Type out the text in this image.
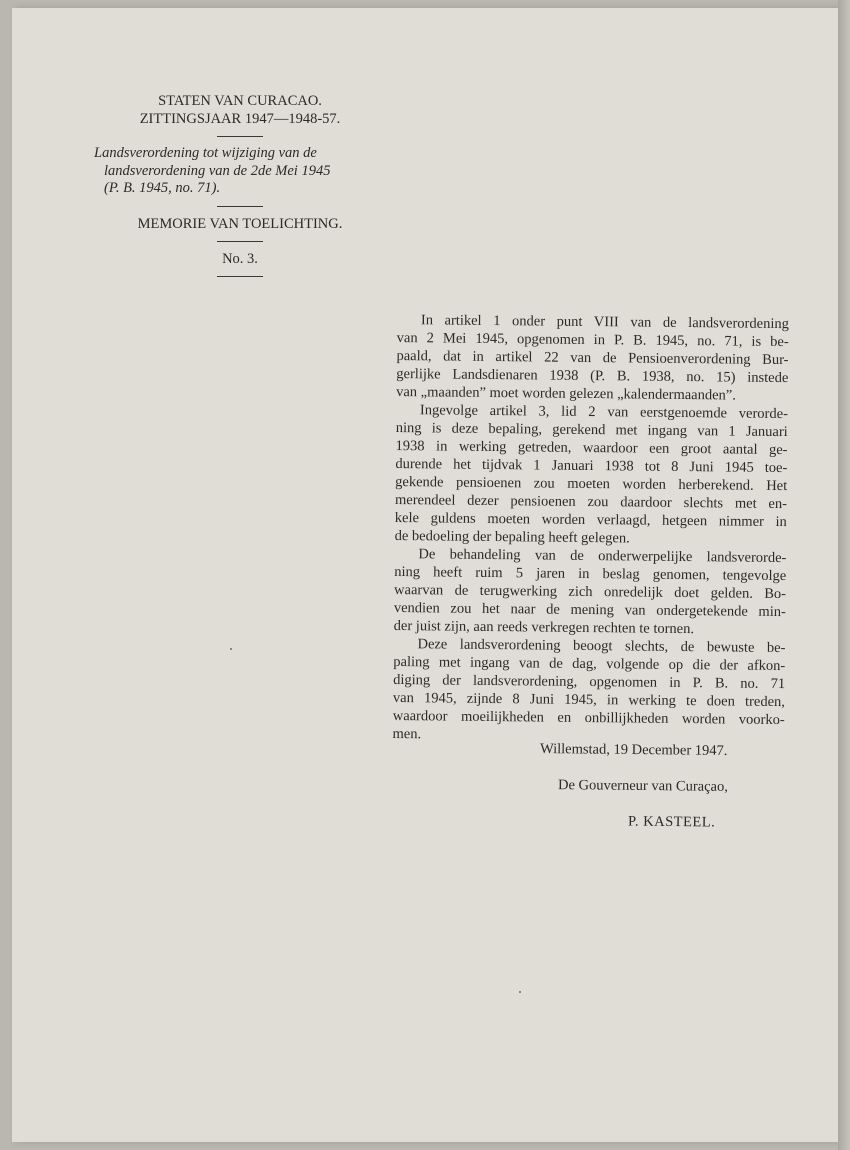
STATEN VAN CURACAO.
ZITTINGSJAAR 1947—1948-57.
Landsverordening tot wijziging van de
landsverordening van de 2de Mei 1945
(P. B. 1945, no. 71).
MEMORIE VAN TOELICHTING.
No. 3.

In artikel 1 onder punt VIII van de landsverordening
van 2 Mei 1945, opgenomen in P. B. 1945, no. 71, is be-
paald, dat in artikel 22 van de Pensioenverordening Bur-
gerlijke Landsdienaren 1938 (P. B. 1938, no. 15) instede
van „maanden” moet worden gelezen „kalendermaanden”.

Ingevolge artikel 3, lid 2 van eerstgenoemde verorde-
ning is deze bepaling, gerekend met ingang van 1 Januari
1938 in werking getreden, waardoor een groot aantal ge-
durende het tijdvak 1 Januari 1938 tot 8 Juni 1945 toe-
gekende pensioenen zou moeten worden herberekend. Het
merendeel dezer pensioenen zou daardoor slechts met en-
kele guldens moeten worden verlaagd, hetgeen nimmer in
de bedoeling der bepaling heeft gelegen.

De behandeling van de onderwerpelijke landsverorde-
ning heeft ruim 5 jaren in beslag genomen, tengevolge
waarvan de terugwerking zich onredelijk doet gelden. Bo-
vendien zou het naar de mening van ondergetekende min-
der juist zijn, aan reeds verkregen rechten te tornen.

Deze landsverordening beoogt slechts, de bewuste be-
paling met ingang van de dag, volgende op die der afkon-
diging der landsverordening, opgenomen in P. B. no. 71
van 1945, zijnde 8 Juni 1945, in werking te doen treden,
waardoor moeilijkheden en onbillijkheden worden voorko-
men.

Willemstad, 19 December 1947.
De Gouverneur van Curaçao,
P. KASTEEL.
